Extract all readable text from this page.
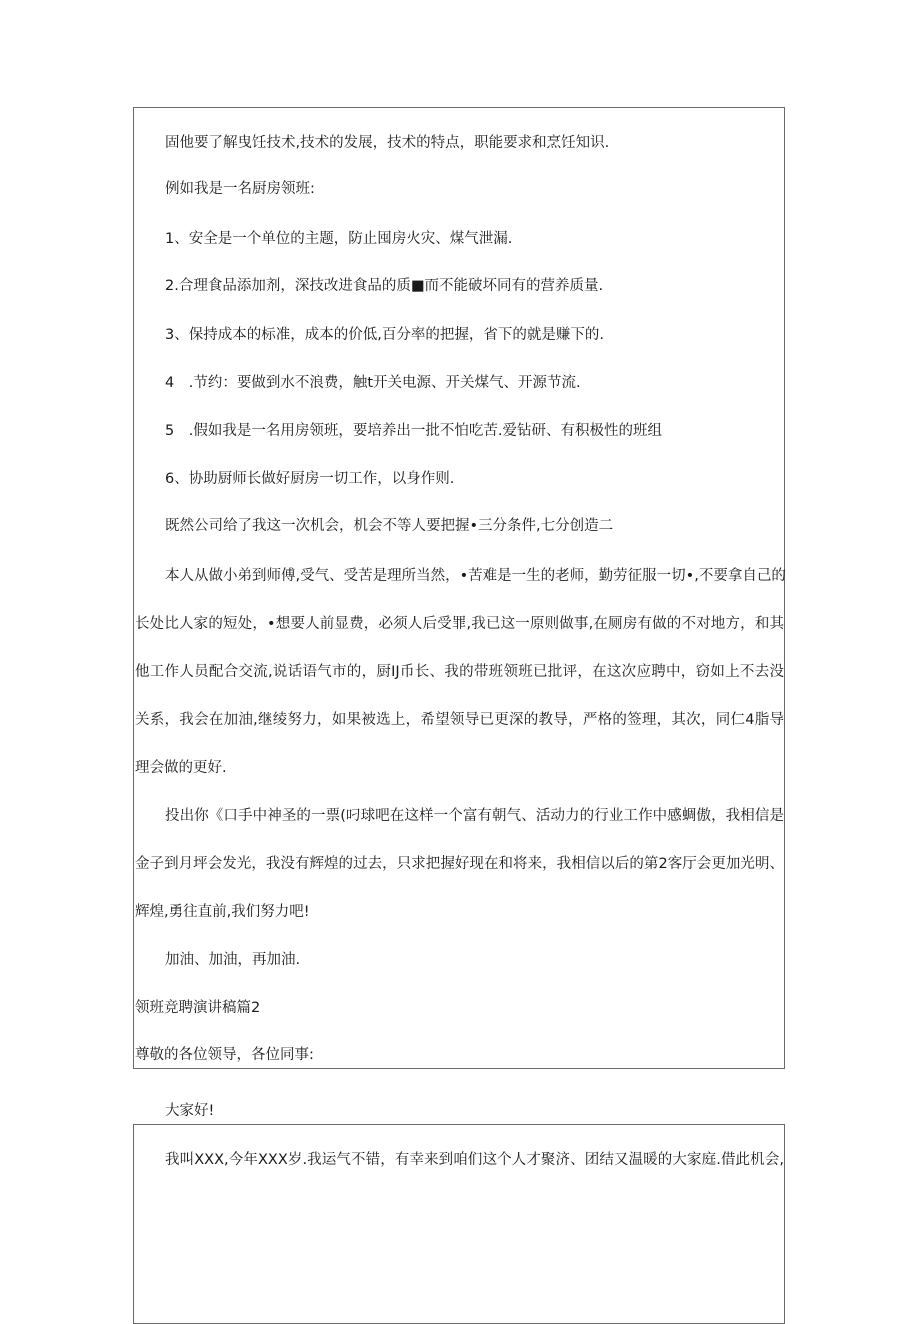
固他要了解曳饪技术,技术的发展，技术的特点，职能要求和烹饪知识.
例如我是一名厨房领班:
1、安全是一个单位的主题，防止囤房火灾、煤气泄漏.
2.合理食品添加剂，深技改进食品的质■而不能破坏同有的营养质量.
3、保持成本的标准，成本的价低,百分率的把握，省下的就是赚下的.
4　.节约：要做到水不浪费，触t开关电源、开关煤气、开源节流.
5　.假如我是一名用房领班，要培养出一批不怕吃苦.爱钻研、有积极性的班组
6、协助厨师长做好厨房一切工作，以身作则.
既然公司给了我这一次机会，机会不等人要把握•三分条件,七分创造二
本人从做小弟到师傅,受气、受苦是理所当然，•苦难是一生的老师，勤劳征服一切•,不要拿自己的
长处比人家的短处，•想要人前显费，必须人后受罪,我已这一原则做事,在厕房有做的不对地方，和其
他工作人员配合交流,说话语气市的，厨IJ币长、我的带班领班已批评，在这次应聘中，窃如上不去没
关系，我会在加油,继绫努力，如果被选上，希望领导已更深的教导，严格的签理，其次，同仁4脂导
理会做的更好.
投出你《口手中神圣的一票(叼球吧在这样一个富有朝气、活动力的行业工作中感蜩傲，我相信是
金子到月坪会发光，我没有辉煌的过去，只求把握好现在和将来，我相信以后的第2客厅会更加光明、
辉煌,勇往直前,我们努力吧!
加油、加油，再加油.
领班竞聘演讲稿篇2
尊敬的各位领导，各位同事:
大家好!
我叫XXX,今年XXX岁.我运气不错，有幸来到咱们这个人才聚济、团结又温暖的大家庭.借此机会,
